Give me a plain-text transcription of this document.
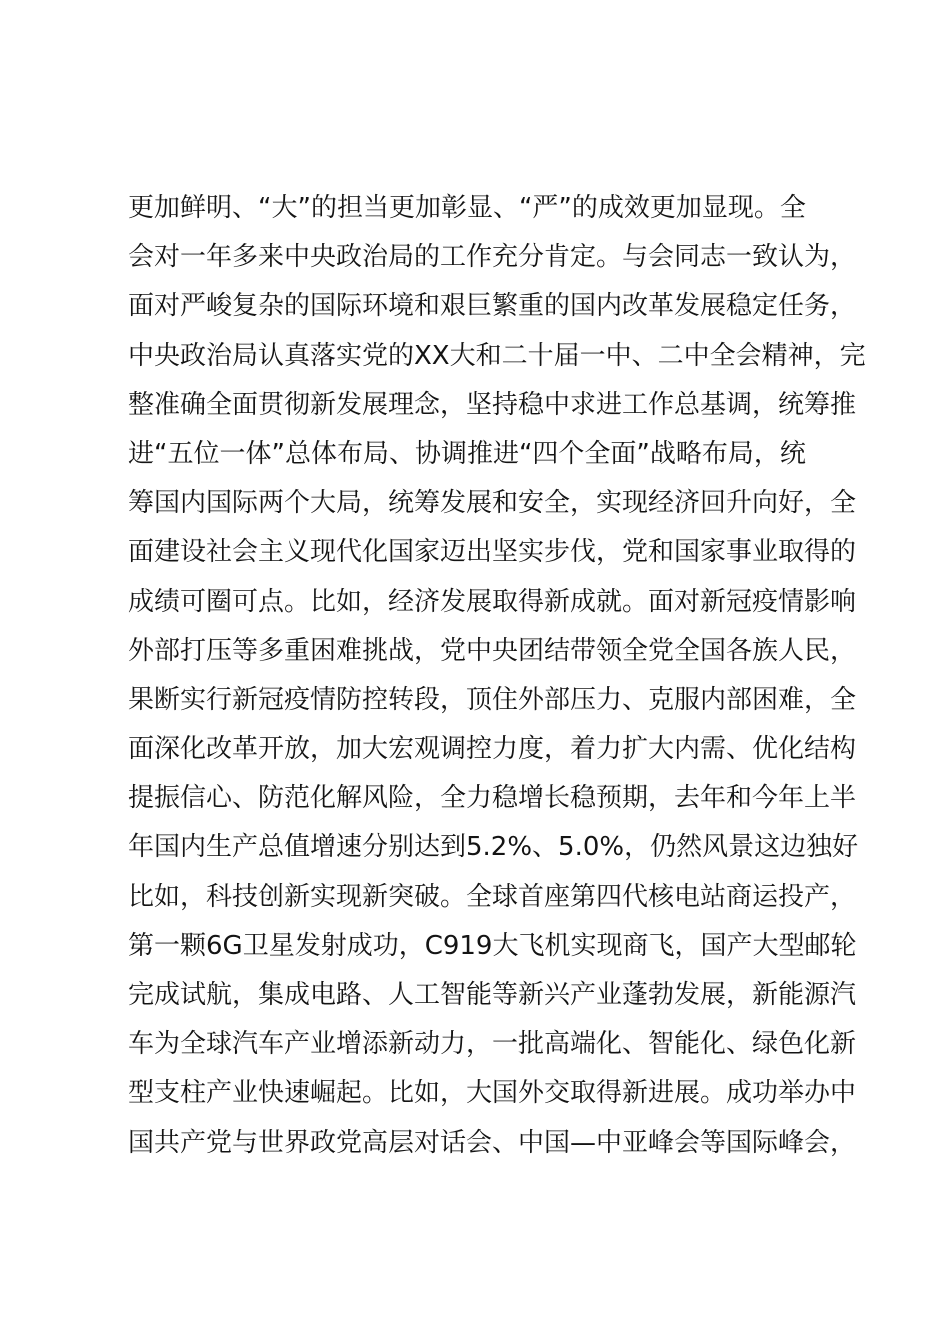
更加鲜明、“大”的担当更加彰显、“严”的成效更加显现。全
会对一年多来中央政治局的工作充分肯定。与会同志一致认为，
面对严峻复杂的国际环境和艰巨繁重的国内改革发展稳定任务，
中央政治局认真落实党的XX大和二十届一中、二中全会精神，完
整准确全面贯彻新发展理念，坚持稳中求进工作总基调，统筹推
进“五位一体”总体布局、协调推进“四个全面”战略布局，统
筹国内国际两个大局，统筹发展和安全，实现经济回升向好，全
面建设社会主义现代化国家迈出坚实步伐，党和国家事业取得的
成绩可圈可点。比如，经济发展取得新成就。面对新冠疫情影响
外部打压等多重困难挑战，党中央团结带领全党全国各族人民，
果断实行新冠疫情防控转段，顶住外部压力、克服内部困难，全
面深化改革开放，加大宏观调控力度，着力扩大内需、优化结构
提振信心、防范化解风险，全力稳增长稳预期，去年和今年上半
年国内生产总值增速分别达到5.2%、5.0%，仍然风景这边独好
比如，科技创新实现新突破。全球首座第四代核电站商运投产，
第一颗6G卫星发射成功，C919大飞机实现商飞，国产大型邮轮
完成试航，集成电路、人工智能等新兴产业蓬勃发展，新能源汽
车为全球汽车产业增添新动力，一批高端化、智能化、绿色化新
型支柱产业快速崛起。比如，大国外交取得新进展。成功举办中
国共产党与世界政党高层对话会、中国—中亚峰会等国际峰会，
